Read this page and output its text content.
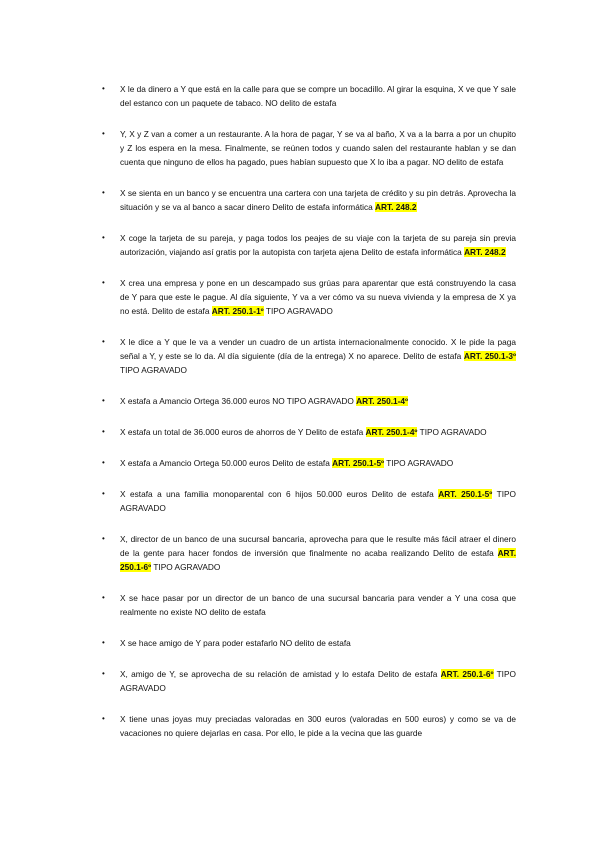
• X le da dinero a Y que está en la calle para que se compre un bocadillo. Al girar la esquina, X ve que Y sale del estanco con un paquete de tabaco. NO delito de estafa
• Y, X y Z van a comer a un restaurante. A la hora de pagar, Y se va al baño, X va a la barra a por un chupito y Z los espera en la mesa. Finalmente, se reúnen todos y cuando salen del restaurante hablan y se dan cuenta que ninguno de ellos ha pagado, pues habían supuesto que X lo iba a pagar. NO delito de estafa
• X se sienta en un banco y se encuentra una cartera con una tarjeta de crédito y su pin detrás. Aprovecha la situación y se va al banco a sacar dinero Delito de estafa informática ART. 248.2
• X coge la tarjeta de su pareja, y paga todos los peajes de su viaje con la tarjeta de su pareja sin previa autorización, viajando así gratis por la autopista con tarjeta ajena Delito de estafa informática ART. 248.2
• X crea una empresa y pone en un descampado sus grúas para aparentar que está construyendo la casa de Y para que este le pague. Al día siguiente, Y va a ver cómo va su nueva vivienda y la empresa de X ya no está. Delito de estafa ART. 250.1-1º TIPO AGRAVADO
• X le dice a Y que le va a vender un cuadro de un artista internacionalmente conocido. X le pide la paga señal a Y, y este se lo da. Al día siguiente (día de la entrega) X no aparece. Delito de estafa ART. 250.1-3º TIPO AGRAVADO
• X estafa a Amancio Ortega 36.000 euros NO TIPO AGRAVADO ART. 250.1-4º
• X estafa un total de 36.000 euros de ahorros de Y Delito de estafa ART. 250.1-4º TIPO AGRAVADO
• X estafa a Amancio Ortega 50.000 euros Delito de estafa ART. 250.1-5º TIPO AGRAVADO
• X estafa a una familia monoparental con 6 hijos 50.000 euros Delito de estafa ART. 250.1-5º TIPO AGRAVADO
• X, director de un banco de una sucursal bancaria, aprovecha para que le resulte más fácil atraer el dinero de la gente para hacer fondos de inversión que finalmente no acaba realizando Delito de estafa ART. 250.1-6º TIPO AGRAVADO
• X se hace pasar por un director de un banco de una sucursal bancaria para vender a Y una cosa que realmente no existe NO delito de estafa
• X se hace amigo de Y para poder estafarlo NO delito de estafa
• X, amigo de Y, se aprovecha de su relación de amistad y lo estafa Delito de estafa ART. 250.1-6º TIPO AGRAVADO
• X tiene unas joyas muy preciadas valoradas en 300 euros (valoradas en 500 euros) y como se va de vacaciones no quiere dejarlas en casa. Por ello, le pide a la vecina que las guarde
